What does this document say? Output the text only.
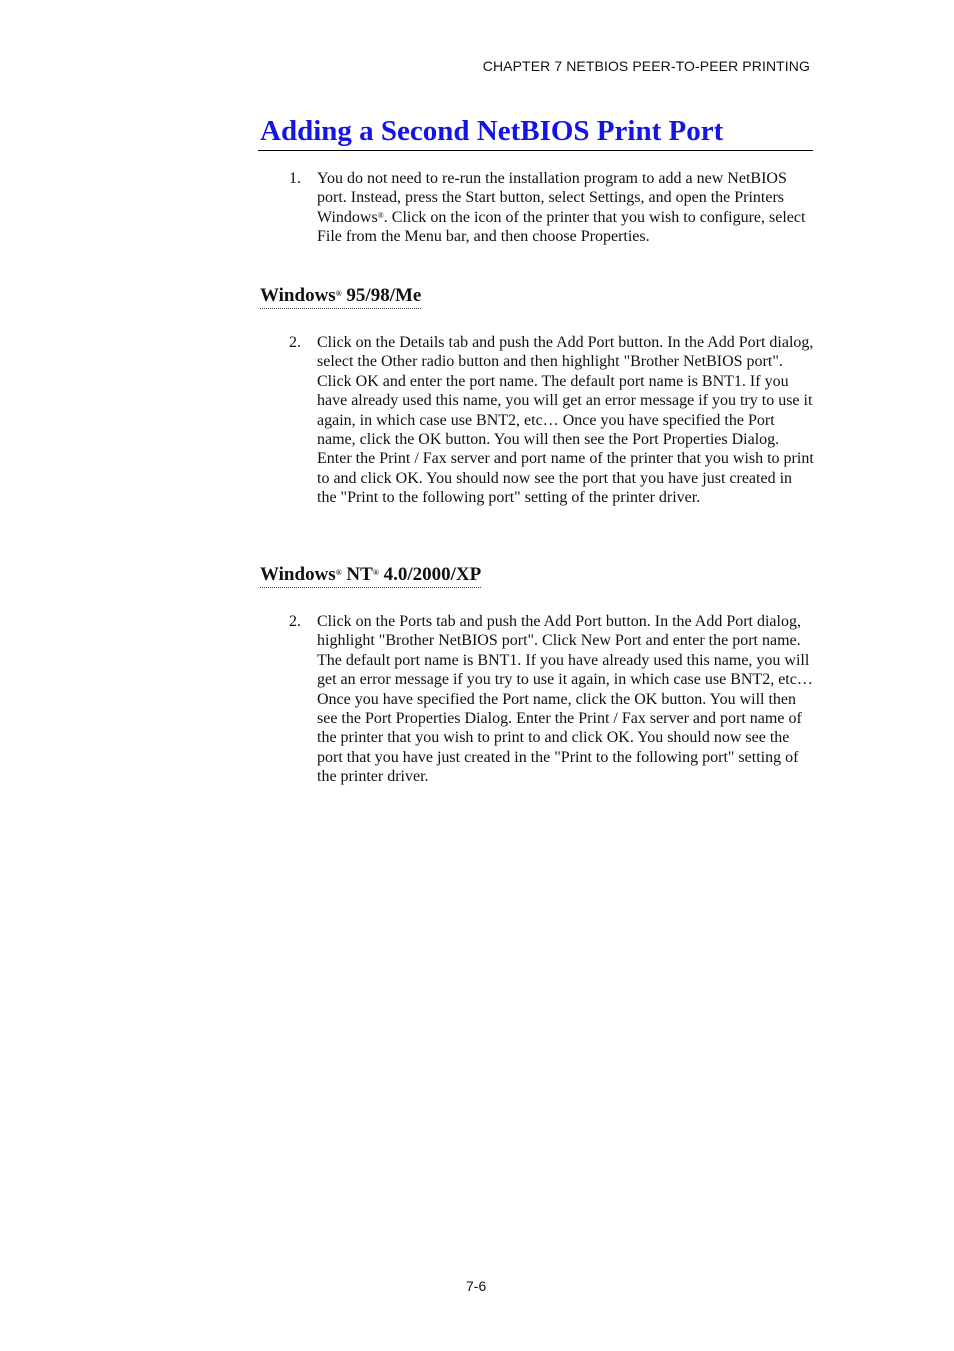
CHAPTER 7 NETBIOS PEER-TO-PEER PRINTING
Adding a Second NetBIOS Print Port
1. You do not need to re-run the installation program to add a new NetBIOS port. Instead, press the Start button, select Settings, and open the Printers Windows®. Click on the icon of the printer that you wish to configure, select File from the Menu bar, and then choose Properties.
Windows® 95/98/Me
2. Click on the Details tab and push the Add Port button. In the Add Port dialog, select the Other radio button and then highlight "Brother NetBIOS port". Click OK and enter the port name. The default port name is BNT1. If you have already used this name, you will get an error message if you try to use it again, in which case use BNT2, etc… Once you have specified the Port name, click the OK button. You will then see the Port Properties Dialog. Enter the Print / Fax server and port name of the printer that you wish to print to and click OK. You should now see the port that you have just created in the "Print to the following port" setting of the printer driver.
Windows® NT® 4.0/2000/XP
2. Click on the Ports tab and push the Add Port button. In the Add Port dialog, highlight "Brother NetBIOS port". Click New Port and enter the port name. The default port name is BNT1. If you have already used this name, you will get an error message if you try to use it again, in which case use BNT2, etc… Once you have specified the Port name, click the OK button. You will then see the Port Properties Dialog. Enter the Print / Fax server and port name of the printer that you wish to print to and click OK. You should now see the port that you have just created in the "Print to the following port" setting of the printer driver.
7-6
